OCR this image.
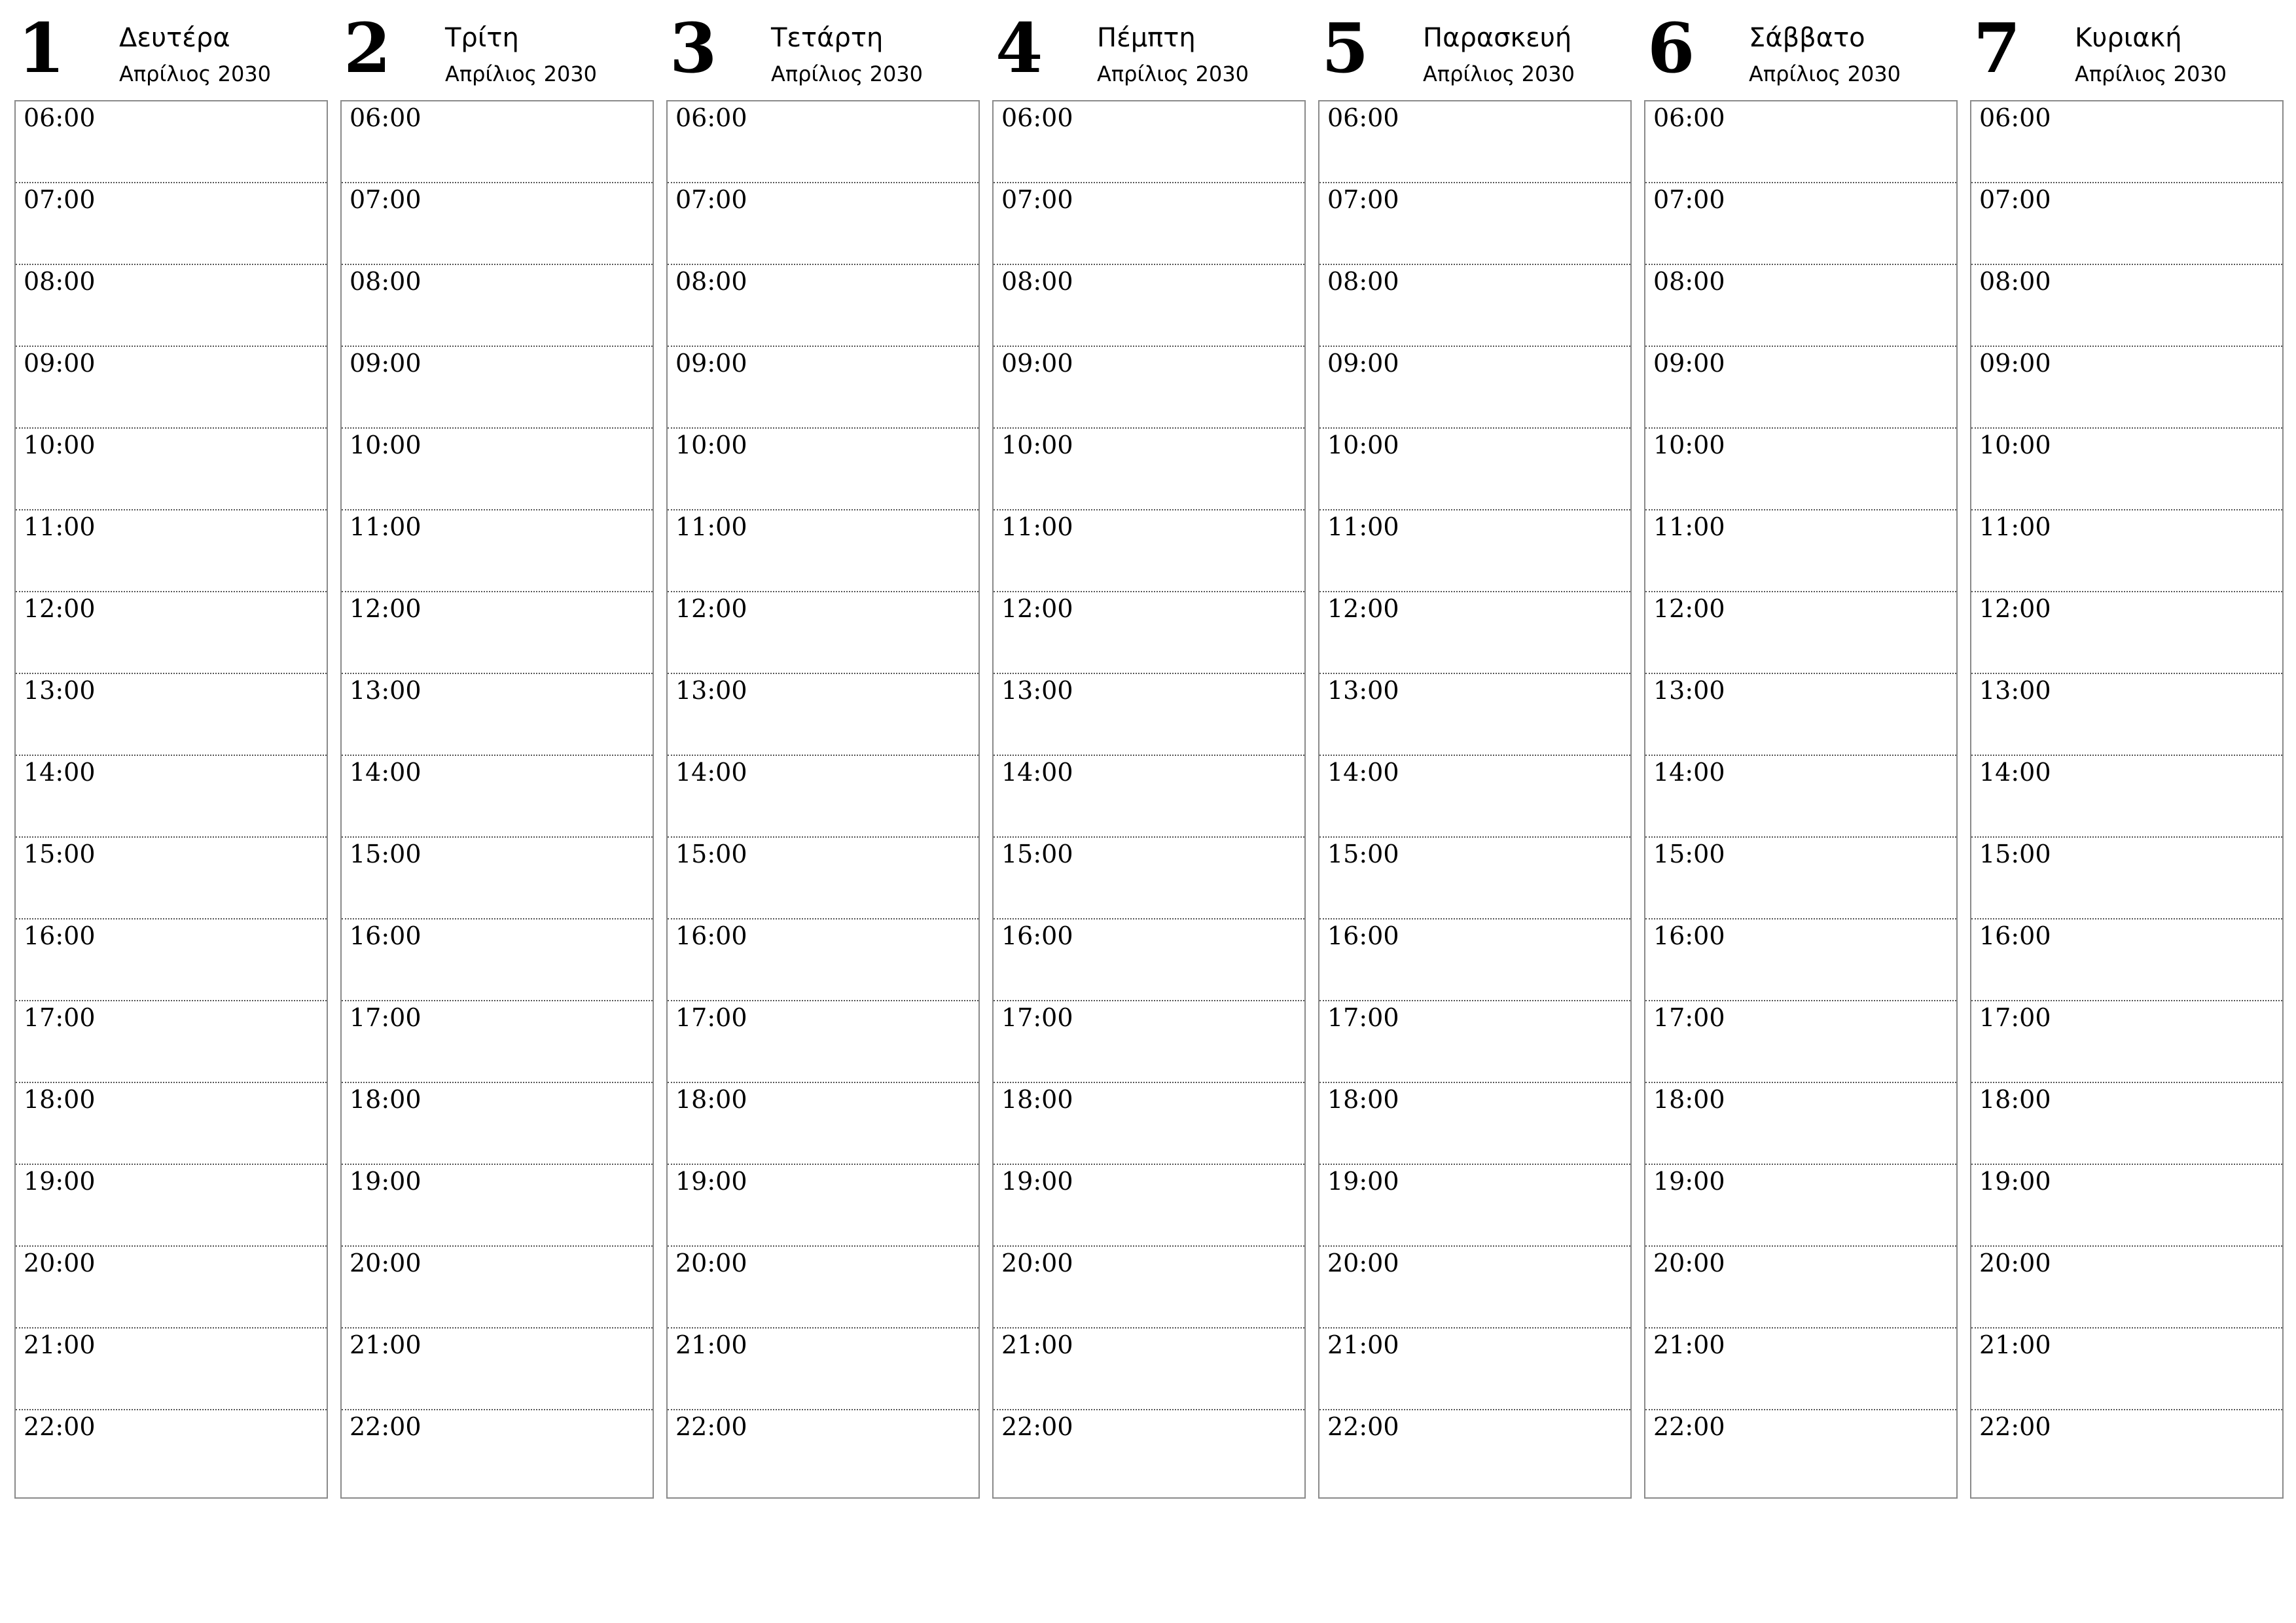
1 Δευτέρα
Απρίλιος 2030
06:00
07:00
08:00
09:00
10:00
11:00
12:00
13:00
14:00
15:00
16:00
17:00
18:00
19:00
20:00
21:00
22:00
2 Τρίτη
Απρίλιος 2030
06:00
07:00
08:00
09:00
10:00
11:00
12:00
13:00
14:00
15:00
16:00
17:00
18:00
19:00
20:00
21:00
22:00
3 Τετάρτη
Απρίλιος 2030
06:00
07:00
08:00
09:00
10:00
11:00
12:00
13:00
14:00
15:00
16:00
17:00
18:00
19:00
20:00
21:00
22:00
4 Πέμπτη
Απρίλιος 2030
06:00
07:00
08:00
09:00
10:00
11:00
12:00
13:00
14:00
15:00
16:00
17:00
18:00
19:00
20:00
21:00
22:00
5 Παρασκευή
Απρίλιος 2030
06:00
07:00
08:00
09:00
10:00
11:00
12:00
13:00
14:00
15:00
16:00
17:00
18:00
19:00
20:00
21:00
22:00
6 Σάββατο
Απρίλιος 2030
06:00
07:00
08:00
09:00
10:00
11:00
12:00
13:00
14:00
15:00
16:00
17:00
18:00
19:00
20:00
21:00
22:00
7 Κυριακή
Απρίλιος 2030
06:00
07:00
08:00
09:00
10:00
11:00
12:00
13:00
14:00
15:00
16:00
17:00
18:00
19:00
20:00
21:00
22:00
